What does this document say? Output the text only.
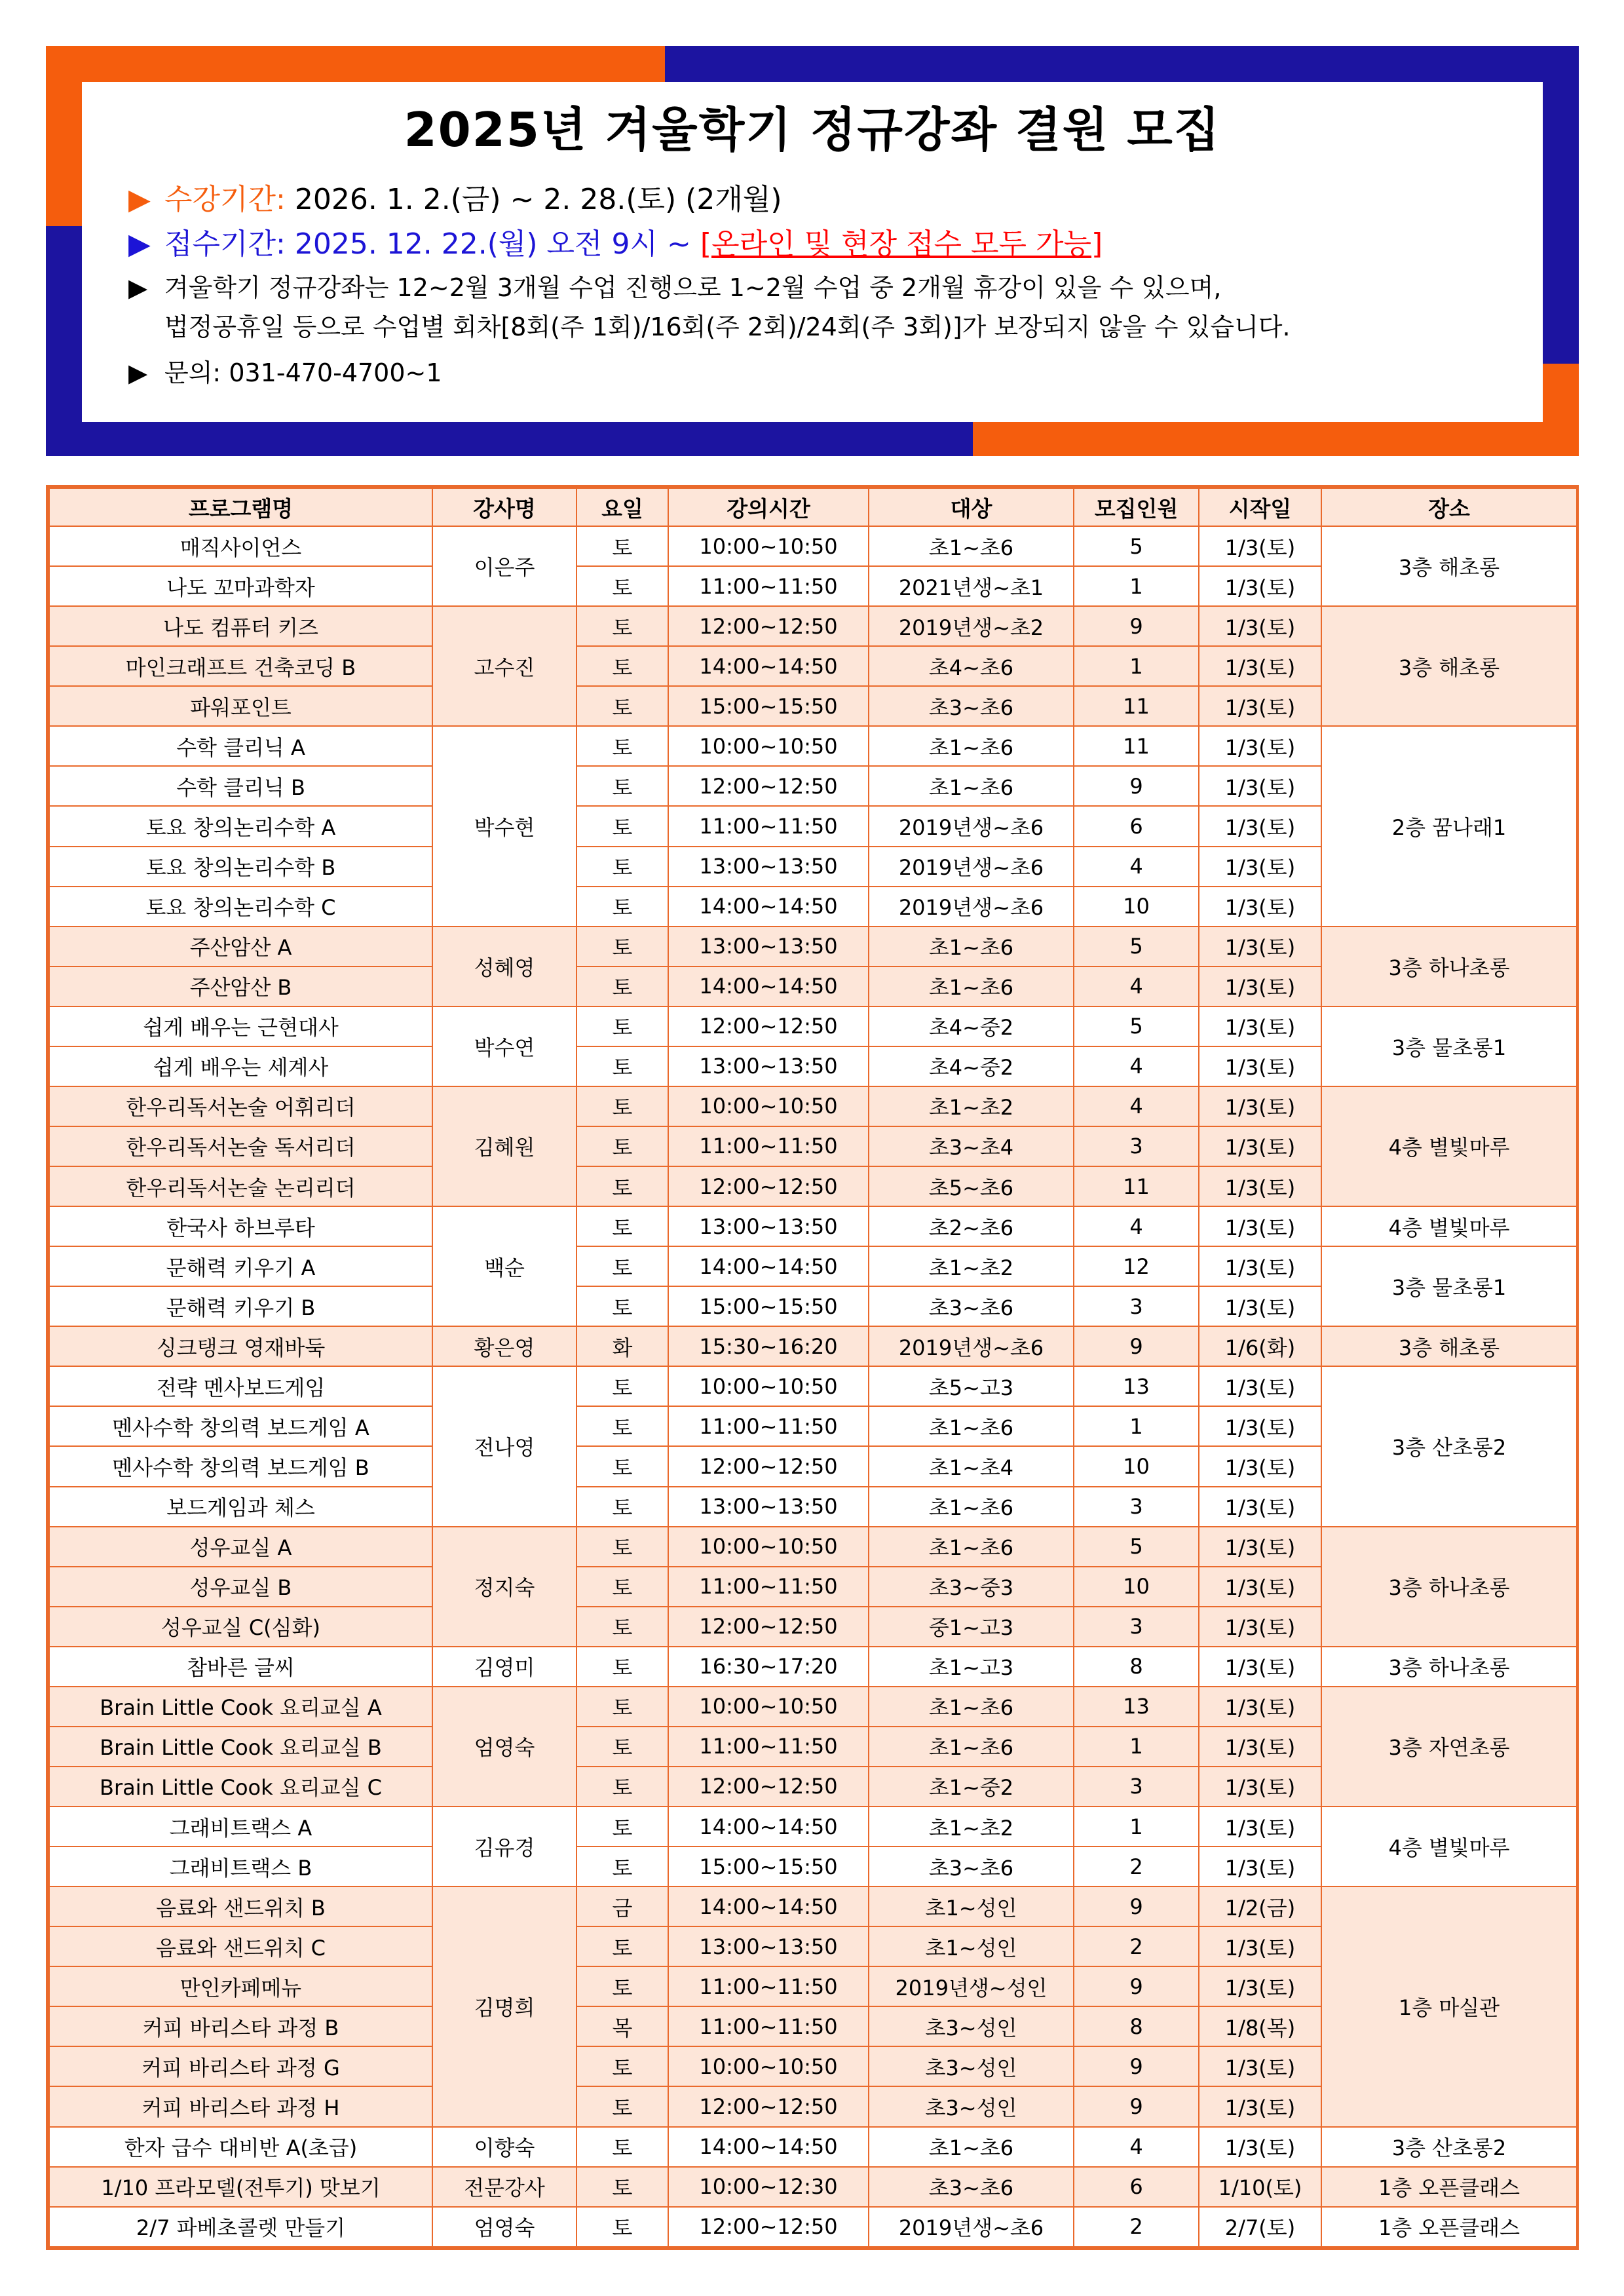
2025년 겨울학기 정규강좌 결원 모집
▶ 수강기간: 2026. 1. 2.(금) ~ 2. 28.(토) (2개월)
▶ 접수기간: 2025. 12. 22.(월) 오전 9시 ~ [온라인 및 현장 접수 모두 가능]
▶ 겨울학기 정규강좌는 12~2월 3개월 수업 진행으로 1~2월 수업 중 2개월 휴강이 있을 수 있으며,
법정공휴일 등으로 수업별 회차[8회(주 1회)/16회(주 2회)/24회(주 3회)]가 보장되지 않을 수 있습니다.
▶ 문의: 031-470-4700~1
프로그램명	강사명	요일	강의시간	대상	모집인원	시작일	장소
매직사이언스	이은주	토	10:00~10:50	초1~초6	5	1/3(토)	3층 해초롱
나도 꼬마과학자		토	11:00~11:50	2021년생~초1	1	1/3(토)	
나도 컴퓨터 키즈	고수진	토	12:00~12:50	2019년생~초2	9	1/3(토)	3층 해초롱
마인크래프트 건축코딩 B		토	14:00~14:50	초4~초6	1	1/3(토)	
파워포인트		토	15:00~15:50	초3~초6	11	1/3(토)	
수학 클리닉 A	박수현	토	10:00~10:50	초1~초6	11	1/3(토)	2층 꿈나래1
수학 클리닉 B		토	12:00~12:50	초1~초6	9	1/3(토)	
토요 창의논리수학 A		토	11:00~11:50	2019년생~초6	6	1/3(토)	
토요 창의논리수학 B		토	13:00~13:50	2019년생~초6	4	1/3(토)	
토요 창의논리수학 C		토	14:00~14:50	2019년생~초6	10	1/3(토)	
주산암산 A	성혜영	토	13:00~13:50	초1~초6	5	1/3(토)	3층 하나초롱
주산암산 B		토	14:00~14:50	초1~초6	4	1/3(토)	
쉽게 배우는 근현대사	박수연	토	12:00~12:50	초4~중2	5	1/3(토)	3층 물초롱1
쉽게 배우는 세계사		토	13:00~13:50	초4~중2	4	1/3(토)	
한우리독서논술 어휘리더	김혜원	토	10:00~10:50	초1~초2	4	1/3(토)	4층 별빛마루
한우리독서논술 독서리더		토	11:00~11:50	초3~초4	3	1/3(토)	
한우리독서논술 논리리더		토	12:00~12:50	초5~초6	11	1/3(토)	
한국사 하브루타	백순	토	13:00~13:50	초2~초6	4	1/3(토)	4층 별빛마루
문해력 키우기 A		토	14:00~14:50	초1~초2	12	1/3(토)	3층 물초롱1
문해력 키우기 B		토	15:00~15:50	초3~초6	3	1/3(토)	
싱크탱크 영재바둑	황은영	화	15:30~16:20	2019년생~초6	9	1/6(화)	3층 해초롱
전략 멘사보드게임	전나영	토	10:00~10:50	초5~고3	13	1/3(토)	3층 산초롱2
멘사수학 창의력 보드게임 A		토	11:00~11:50	초1~초6	1	1/3(토)	
멘사수학 창의력 보드게임 B		토	12:00~12:50	초1~초4	10	1/3(토)	
보드게임과 체스		토	13:00~13:50	초1~초6	3	1/3(토)	
성우교실 A	정지숙	토	10:00~10:50	초1~초6	5	1/3(토)	3층 하나초롱
성우교실 B		토	11:00~11:50	초3~중3	10	1/3(토)	
성우교실 C(심화)		토	12:00~12:50	중1~고3	3	1/3(토)	
참바른 글씨	김영미	토	16:30~17:20	초1~고3	8	1/3(토)	3층 하나초롱
Brain Little Cook 요리교실 A	엄영숙	토	10:00~10:50	초1~초6	13	1/3(토)	3층 자연초롱
Brain Little Cook 요리교실 B		토	11:00~11:50	초1~초6	1	1/3(토)	
Brain Little Cook 요리교실 C		토	12:00~12:50	초1~중2	3	1/3(토)	
그래비트랙스 A	김유경	토	14:00~14:50	초1~초2	1	1/3(토)	4층 별빛마루
그래비트랙스 B		토	15:00~15:50	초3~초6	2	1/3(토)	
음료와 샌드위치 B	김명희	금	14:00~14:50	초1~성인	9	1/2(금)	1층 마실관
음료와 샌드위치 C		토	13:00~13:50	초1~성인	2	1/3(토)	
만인카페메뉴		토	11:00~11:50	2019년생~성인	9	1/3(토)	
커피 바리스타 과정 B		목	11:00~11:50	초3~성인	8	1/8(목)	
커피 바리스타 과정 G		토	10:00~10:50	초3~성인	9	1/3(토)	
커피 바리스타 과정 H		토	12:00~12:50	초3~성인	9	1/3(토)	
한자 급수 대비반 A(초급)	이향숙	토	14:00~14:50	초1~초6	4	1/3(토)	3층 산초롱2
1/10 프라모델(전투기) 맛보기	전문강사	토	10:00~12:30	초3~초6	6	1/10(토)	1층 오픈클래스
2/7 파베초콜렛 만들기	엄영숙	토	12:00~12:50	2019년생~초6	2	2/7(토)	1층 오픈클래스
